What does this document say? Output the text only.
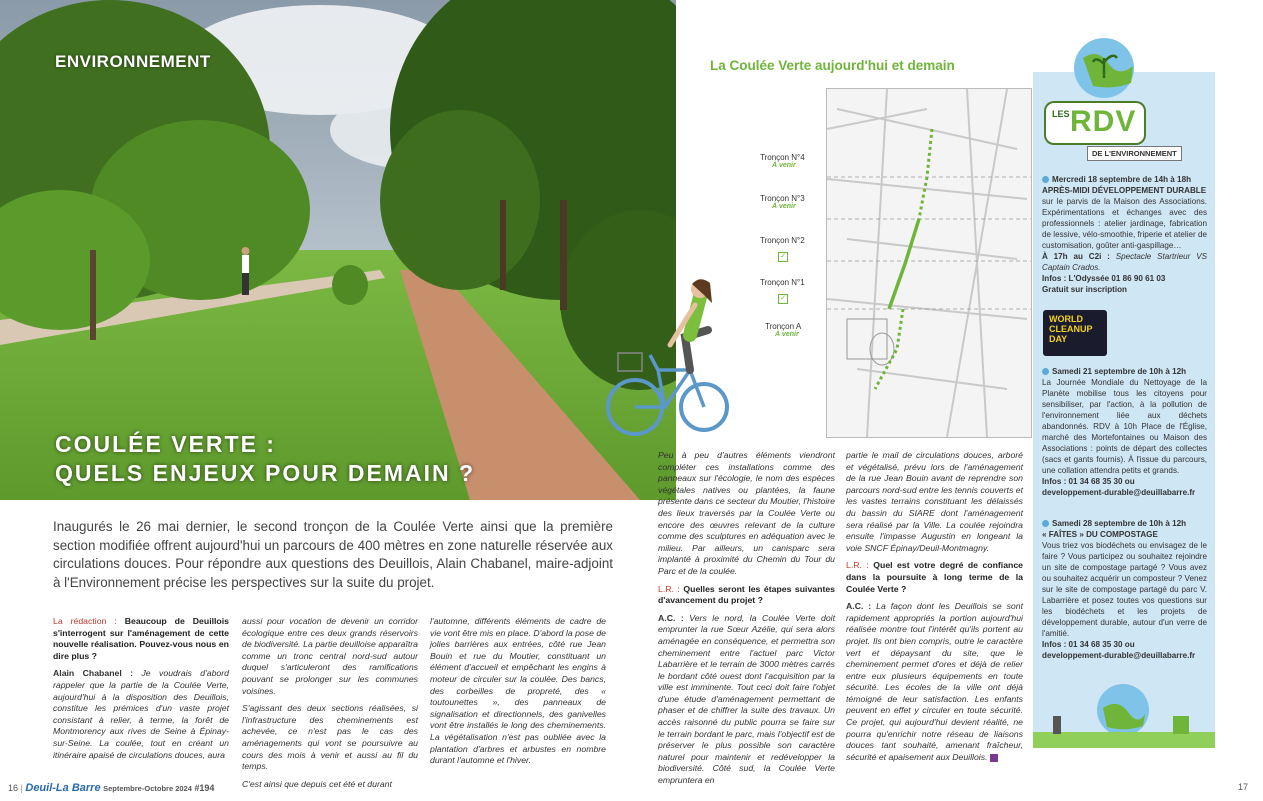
ENVIRONNEMENT
COULÉE VERTE :
QUELS ENJEUX POUR DEMAIN ?
Inaugurés le 26 mai dernier, le second tronçon de la Coulée Verte ainsi que la première section modifiée offrent aujourd'hui un parcours de 400 mètres en zone naturelle réservée aux circulations douces. Pour répondre aux questions des Deuillois, Alain Chabanel, maire-adjoint à l'Environnement précise les perspectives sur la suite du projet.

La rédaction : Beaucoup de Deuillois s'interrogent sur l'aménagement de cette nouvelle réalisation. Pouvez-vous nous en dire plus ?

Alain Chabanel : Je voudrais d'abord rappeler que la partie de la Coulée Verte, aujourd'hui à la disposition des Deuillois, constitue les prémices d'un vaste projet consistant à relier, à terme, la forêt de Montmorency aux rives de Seine à Épinay-sur-Seine. La coulée, tout en créant un itinéraire apaisé de circulations douces, aura

aussi pour vocation de devenir un corridor écologique entre ces deux grands réservoirs de biodiversité. La partie deuilloise apparaîtra comme un tronc central nord-sud autour duquel s'articuleront des ramifications pouvant se prolonger sur les communes voisines.

S'agissant des deux sections réalisées, si l'infrastructure des cheminements est achevée, ce n'est pas le cas des aménagements qui vont se poursuivre au cours des mois à venir et aussi au fil du temps.

C'est ainsi que depuis cet été et durant

l'automne, différents éléments de cadre de vie vont être mis en place. D'abord la pose de jolies barrières aux entrées, côté rue Jean Bouin et rue du Moutier, constituant un élément d'accueil et empêchant les engins à moteur de circuler sur la coulée. Des bancs, des corbeilles de propreté, des « toutounettes », des panneaux de signalisation et directionnels, des ganivelles vont être installés le long des cheminements. La végétalisation n'est pas oubliée avec la plantation d'arbres et arbustes en nombre durant l'automne et l'hiver.

Peu à peu d'autres éléments viendront compléter ces installations comme des panneaux sur l'écologie, le nom des espèces végétales natives ou plantées, la faune présente dans ce secteur du Moutier, l'histoire des lieux traversés par la Coulée Verte ou encore des œuvres relevant de la culture comme des sculptures en adéquation avec le milieu. Par ailleurs, un canisparc sera implanté à proximité du Chemin du Tour du Parc et de la coulée.

L.R. : Quelles seront les étapes suivantes d'avancement du projet ?

A.C. : Vers le nord, la Coulée Verte doit emprunter la rue Sœur Azélie, qui sera alors aménagée en conséquence, et permettra son cheminement entre l'actuel parc Victor Labarrière et le terrain de 3000 mètres carrés le bordant côté ouest dont l'acquisition par la ville est imminente. Tout ceci doit faire l'objet d'une étude d'aménagement permettant de phaser et de chiffrer la suite des travaux. Un accès raisonné du public pourra se faire sur le terrain bordant le parc, mais l'objectif est de préserver le plus possible son caractère naturel pour maintenir et redévelopper la biodiversité. Côté sud, la Coulée Verte empruntera en

partie le mail de circulations douces, arboré et végétalisé, prévu lors de l'aménagement de la rue Jean Bouin avant de reprendre son parcours nord-sud entre les tennis couverts et les vastes terrains constituant les délaissés du bassin du SIARE dont l'aménagement sera réalisé par la Ville. La coulée rejoindra ensuite l'impasse Augustin en longeant la voie SNCF Épinay/Deuil-Montmagny.

L.R. : Quel est votre degré de confiance dans la poursuite à long terme de la Coulée Verte ?

A.C. : La façon dont les Deuillois se sont rapidement appropriés la portion aujourd'hui réalisée montre tout l'intérêt qu'ils portent au projet. Ils ont bien compris, outre le caractère vert et dépaysant du site, que le cheminement permet d'ores et déjà de relier entre eux plusieurs équipements en toute sécurité. Les écoles de la ville ont déjà témoigné de leur satisfaction. Les enfants peuvent en effet y circuler en toute sécurité. Ce projet, qui aujourd'hui devient réalité, ne pourra qu'enrichir notre réseau de liaisons douces tant souhaité, amenant fraîcheur, sécurité et apaisement aux Deuillois.

La Coulée Verte aujourd'hui et demain
Tronçon N°4
À venir
Tronçon N°3
À venir
Tronçon N°2
✓
Tronçon N°1
✓
Tronçon A
À venir
LES RDV
DE L'ENVIRONNEMENT

Mercredi 18 septembre de 14h à 18h

APRÈS-MIDI DÉVELOPPEMENT DURABLE

sur le parvis de la Maison des Associations. Expérimentations et échanges avec des professionnels : atelier jardinage, fabrication de lessive, vélo-smoothie, friperie et atelier de customisation, goûter anti-gaspillage…

À 17h au C2i : Spectacle Startrieur VS Captain Crados.

Infos : L'Odyssée 01 86 90 61 03

Gratuit sur inscription

WORLD CLEANUP DAY

Samedi 21 septembre de 10h à 12h

La Journée Mondiale du Nettoyage de la Planète mobilise tous les citoyens pour sensibiliser, par l'action, à la pollution de l'environnement liée aux déchets abandonnés. RDV à 10h Place de l'Église, marché des Mortefontaines ou Maison des Associations : points de départ des collectes (sacs et gants fournis). À l'issue du parcours, une collation attendra petits et grands.

Infos : 01 34 68 35 30 ou

developpement-durable@deuillabarre.fr

Samedi 28 septembre de 10h à 12h

« FAÎTES » DU COMPOSTAGE

Vous triez vos biodéchets ou envisagez de le faire ? Vous participez ou souhaitez rejoindre un site de compostage partagé ? Vous avez ou souhaitez acquérir un composteur ? Venez sur le site de compostage partagé du parc V. Labarrière et posez toutes vos questions sur les biodéchets et les projets de développement durable, autour d'un verre de l'amitié.

Infos : 01 34 68 35 30 ou

developpement-durable@deuillabarre.fr

16 | Deuil-La Barre Septembre-Octobre 2024 #194	17
